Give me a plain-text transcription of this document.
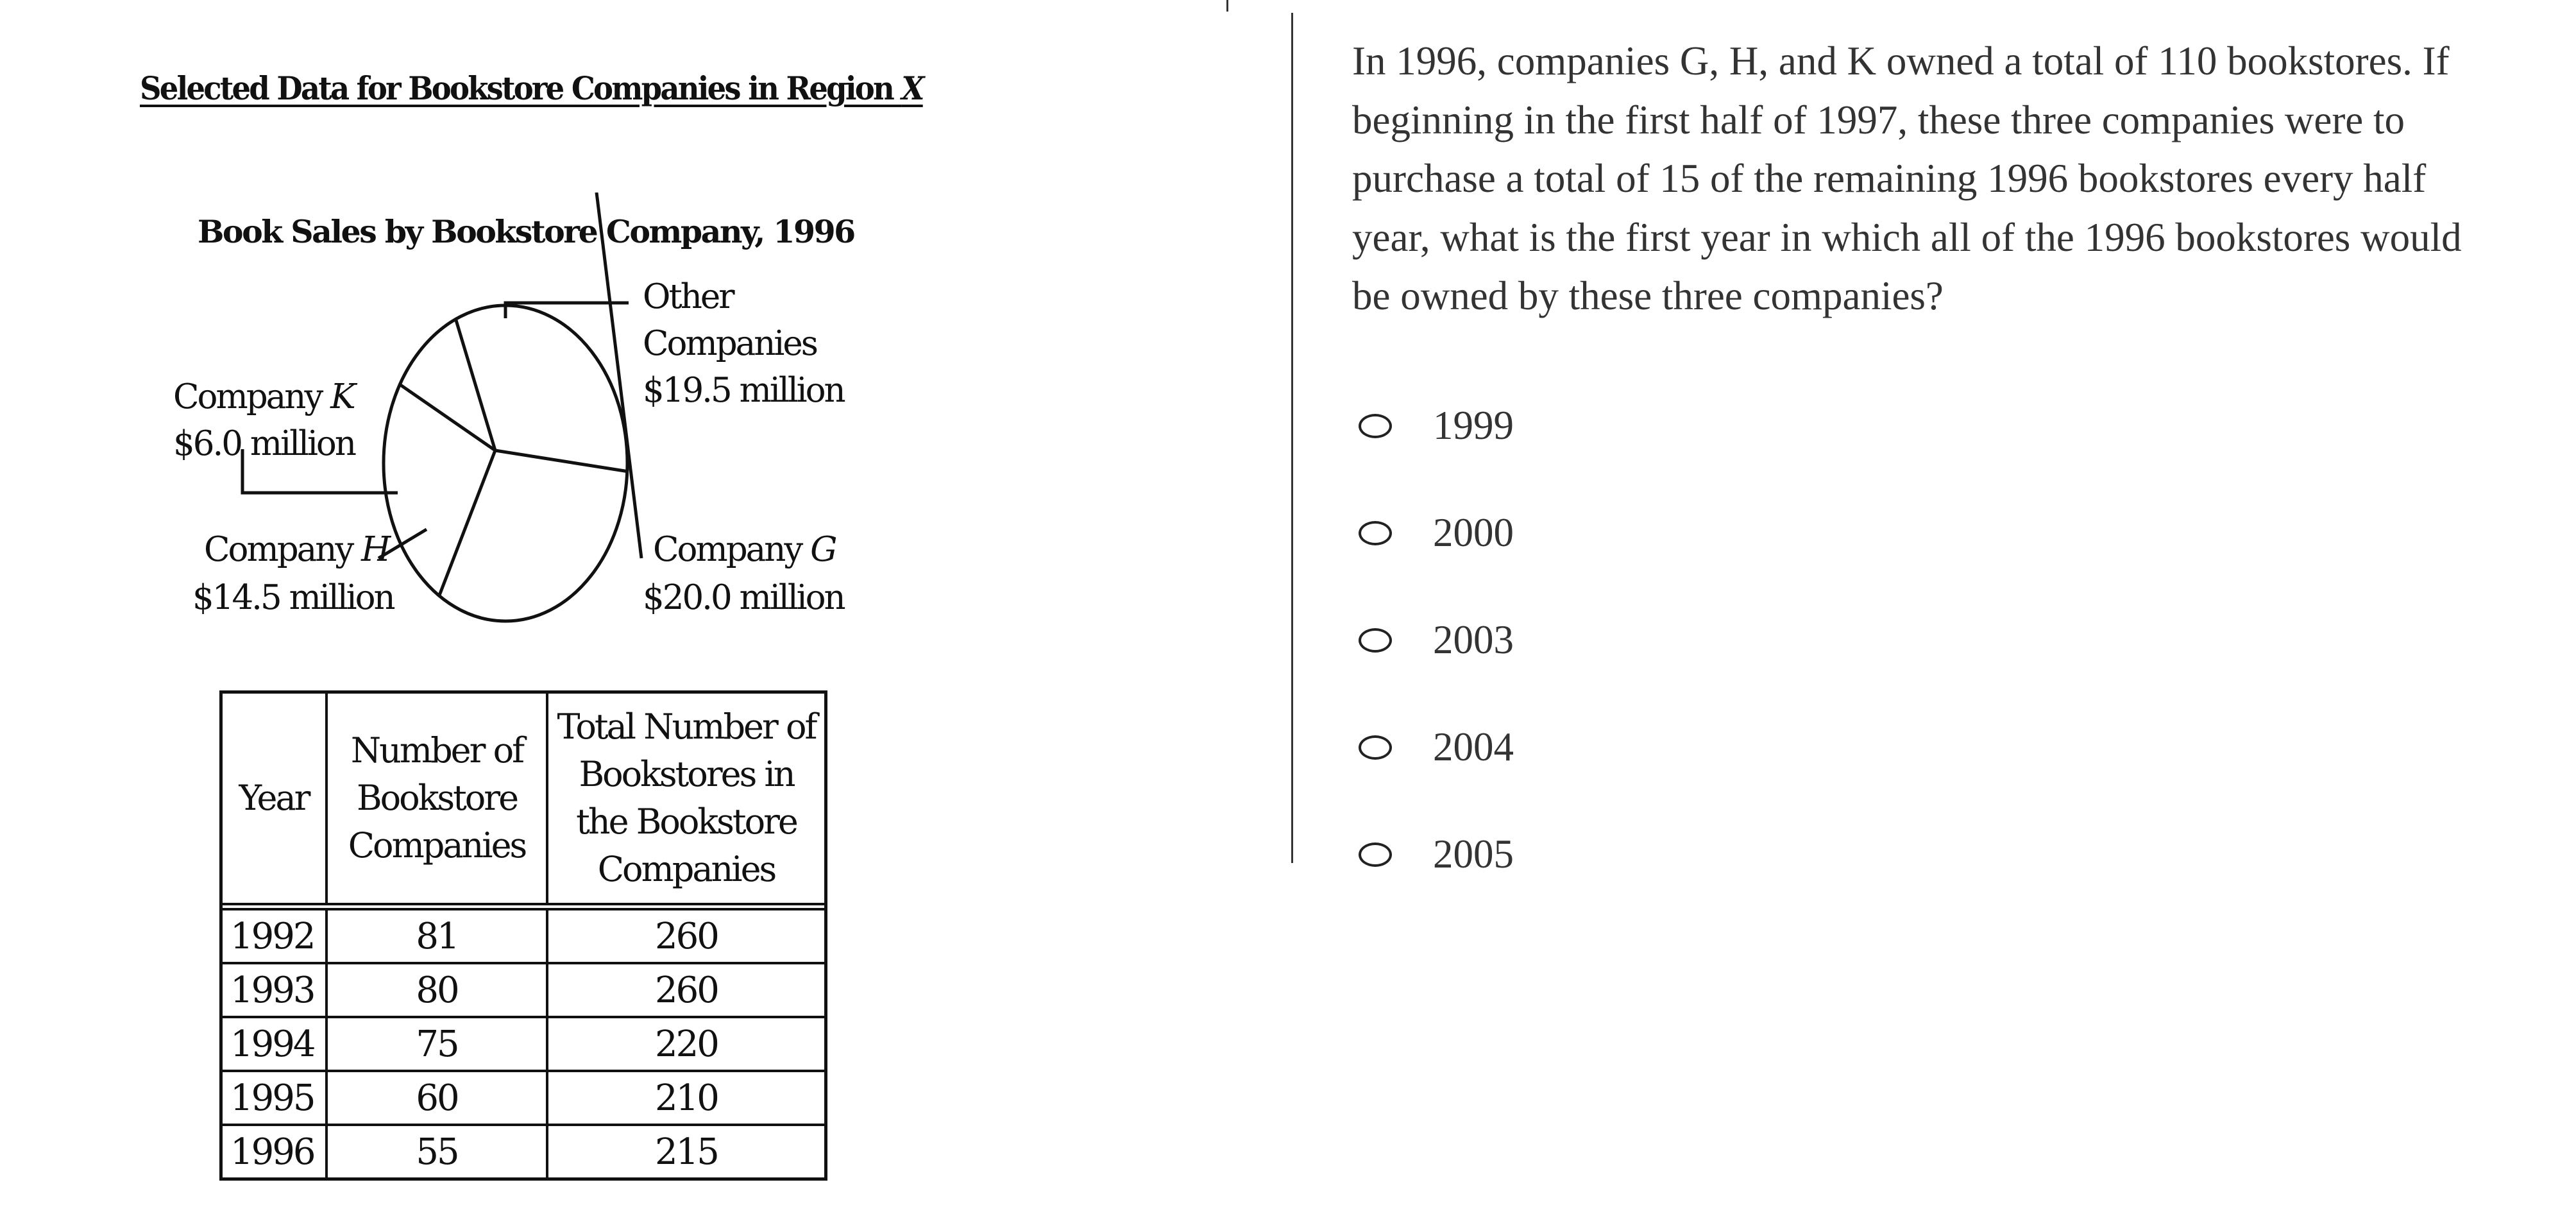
Selected Data for Bookstore Companies in Region X
Book Sales by Bookstore Company, 1996
Other Companies $19.5 million
Company K $6.0 million
Company H $14.5 million
Company G $20.0 million
Year	Number of Bookstore Companies	Total Number of Bookstores in the Bookstore Companies
1992	81	260
1993	80	260
1994	75	220
1995	60	210
1996	55	215

In 1996, companies G, H, and K owned a total of 110 bookstores. If beginning in the first half of 1997, these three companies were to purchase a total of 15 of the remaining 1996 bookstores every half year, what is the first year in which all of the 1996 bookstores would be owned by these three companies?

1999
2000
2003
2004
2005
